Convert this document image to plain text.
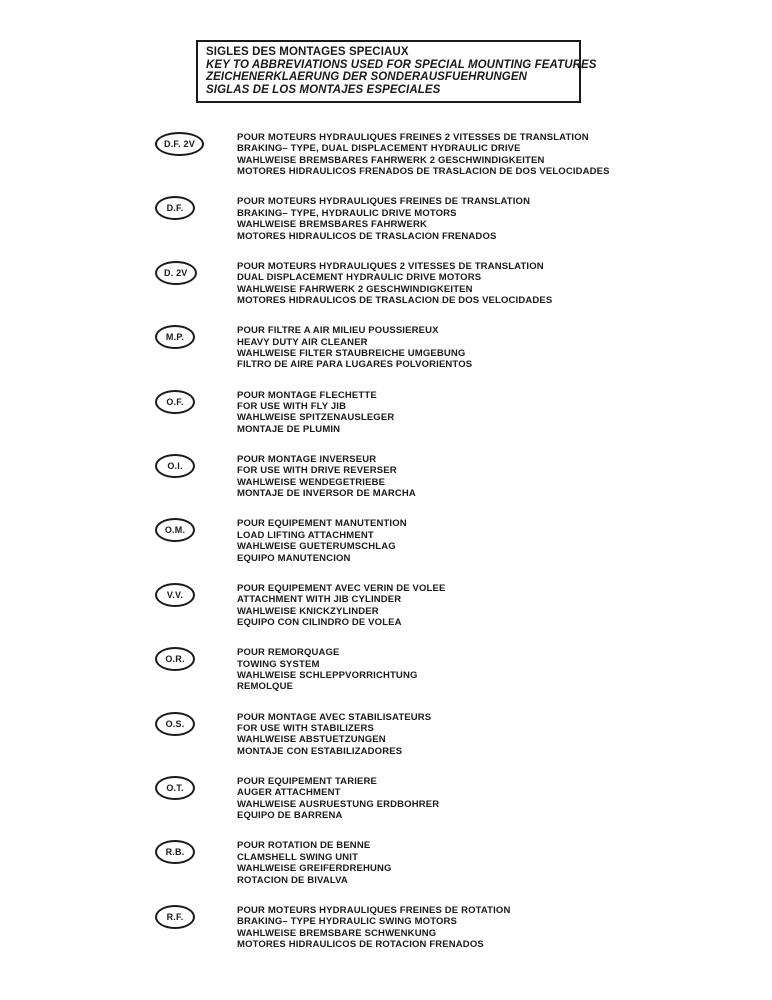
SIGLES DES MONTAGES SPECIAUX
KEY TO ABBREVIATIONS USED FOR SPECIAL MOUNTING FEATURES
ZEICHENERKLAERUNG DER SONDERAUSFUEHRUNGEN
SIGLAS DE LOS MONTAJES ESPECIALES
D.F. 2V
POUR MOTEURS HYDRAULIQUES FREINES 2 VITESSES DE TRANSLATION
BRAKING– TYPE, DUAL DISPLACEMENT HYDRAULIC DRIVE
WAHLWEISE BREMSBARES FAHRWERK 2 GESCHWINDIGKEITEN
MOTORES HIDRAULICOS FRENADOS DE TRASLACION DE DOS VELOCIDADES
D.F.
POUR MOTEURS HYDRAULIQUES FREINES DE TRANSLATION
BRAKING– TYPE, HYDRAULIC DRIVE MOTORS
WAHLWEISE BREMSBARES FAHRWERK
MOTORES HIDRAULICOS DE TRASLACION FRENADOS
D. 2V
POUR MOTEURS HYDRAULIQUES 2 VITESSES DE TRANSLATION
DUAL DISPLACEMENT HYDRAULIC DRIVE MOTORS
WAHLWEISE FAHRWERK 2 GESCHWINDIGKEITEN
MOTORES HIDRAULICOS DE TRASLACION DE DOS VELOCIDADES
M.P.
POUR FILTRE A AIR MILIEU POUSSIEREUX
HEAVY DUTY AIR CLEANER
WAHLWEISE FILTER STAUBREICHE UMGEBUNG
FILTRO DE AIRE PARA LUGARES POLVORIENTOS
O.F.
POUR MONTAGE FLECHETTE
FOR USE WITH FLY JIB
WAHLWEISE SPITZENAUSLEGER
MONTAJE DE PLUMIN
O.I.
POUR MONTAGE INVERSEUR
FOR USE WITH DRIVE REVERSER
WAHLWEISE WENDEGETRIEBE
MONTAJE DE INVERSOR DE MARCHA
O.M.
POUR EQUIPEMENT MANUTENTION
LOAD LIFTING ATTACHMENT
WAHLWEISE GUETERUMSCHLAG
EQUIPO MANUTENCION
V.V.
POUR EQUIPEMENT AVEC VERIN DE VOLEE
ATTACHMENT WITH JIB CYLINDER
WAHLWEISE KNICKZYLINDER
EQUIPO CON CILINDRO DE VOLEA
O.R.
POUR REMORQUAGE
TOWING SYSTEM
WAHLWEISE SCHLEPPVORRICHTUNG
REMOLQUE
O.S.
POUR MONTAGE AVEC STABILISATEURS
FOR USE WITH STABILIZERS
WAHLWEISE ABSTUETZUNGEN
MONTAJE CON ESTABILIZADORES
O.T.
POUR EQUIPEMENT TARIERE
AUGER ATTACHMENT
WAHLWEISE AUSRUESTUNG ERDBOHRER
EQUIPO DE BARRENA
R.B.
POUR ROTATION DE BENNE
CLAMSHELL SWING UNIT
WAHLWEISE GREIFERDREHUNG
ROTACION DE BIVALVA
R.F.
POUR MOTEURS HYDRAULIQUES FREINES DE ROTATION
BRAKING– TYPE HYDRAULIC SWING MOTORS
WAHLWEISE BREMSBARE SCHWENKUNG
MOTORES HIDRAULICOS DE ROTACION FRENADOS
